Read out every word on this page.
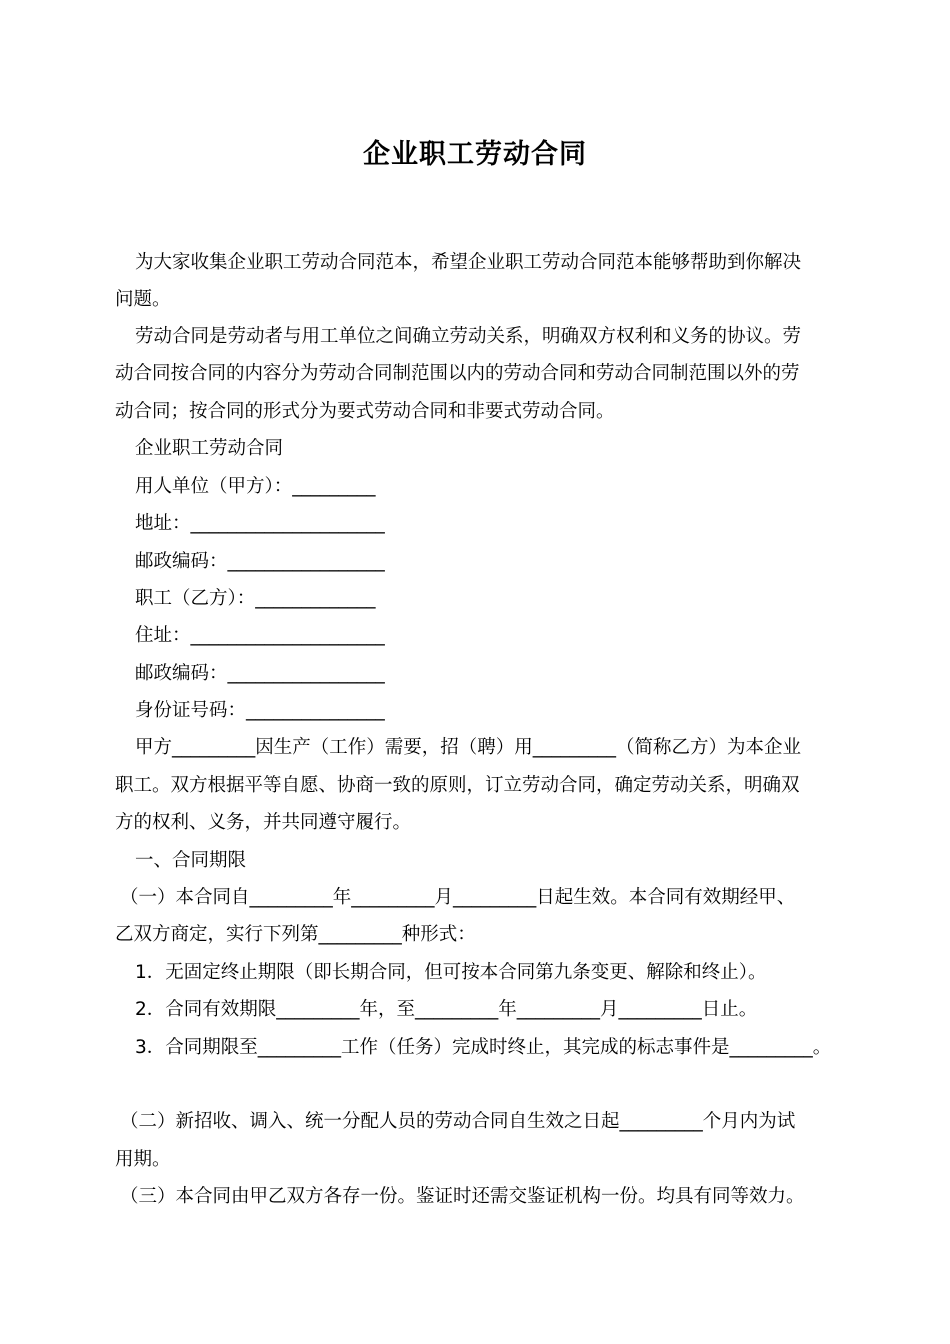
企业职工劳动合同
为大家收集企业职工劳动合同范本，希望企业职工劳动合同范本能够帮助到你解决
问题。
劳动合同是劳动者与用工单位之间确立劳动关系，明确双方权利和义务的协议。劳
动合同按合同的内容分为劳动合同制范围以内的劳动合同和劳动合同制范围以外的劳
动合同；按合同的形式分为要式劳动合同和非要式劳动合同。
企业职工劳动合同
用人单位（甲方）：_________
地址：_____________________
邮政编码：_________________
职工（乙方）：_____________
住址：_____________________
邮政编码：_________________
身份证号码：_______________
甲方_________因生产（工作）需要，招（聘）用_________（简称乙方）为本企业
职工。双方根据平等自愿、协商一致的原则，订立劳动合同，确定劳动关系，明确双
方的权利、义务，并共同遵守履行。
一、合同期限
（一）本合同自_________年_________月_________日起生效。本合同有效期经甲、
乙双方商定，实行下列第_________种形式：
1．无固定终止期限（即长期合同，但可按本合同第九条变更、解除和终止）。
2．合同有效期限_________年，至_________年_________月_________日止。
3．合同期限至_________工作（任务）完成时终止，其完成的标志事件是_________。
（二）新招收、调入、统一分配人员的劳动合同自生效之日起_________个月内为试
用期。
（三）本合同由甲乙双方各存一份。鉴证时还需交鉴证机构一份。均具有同等效力。
